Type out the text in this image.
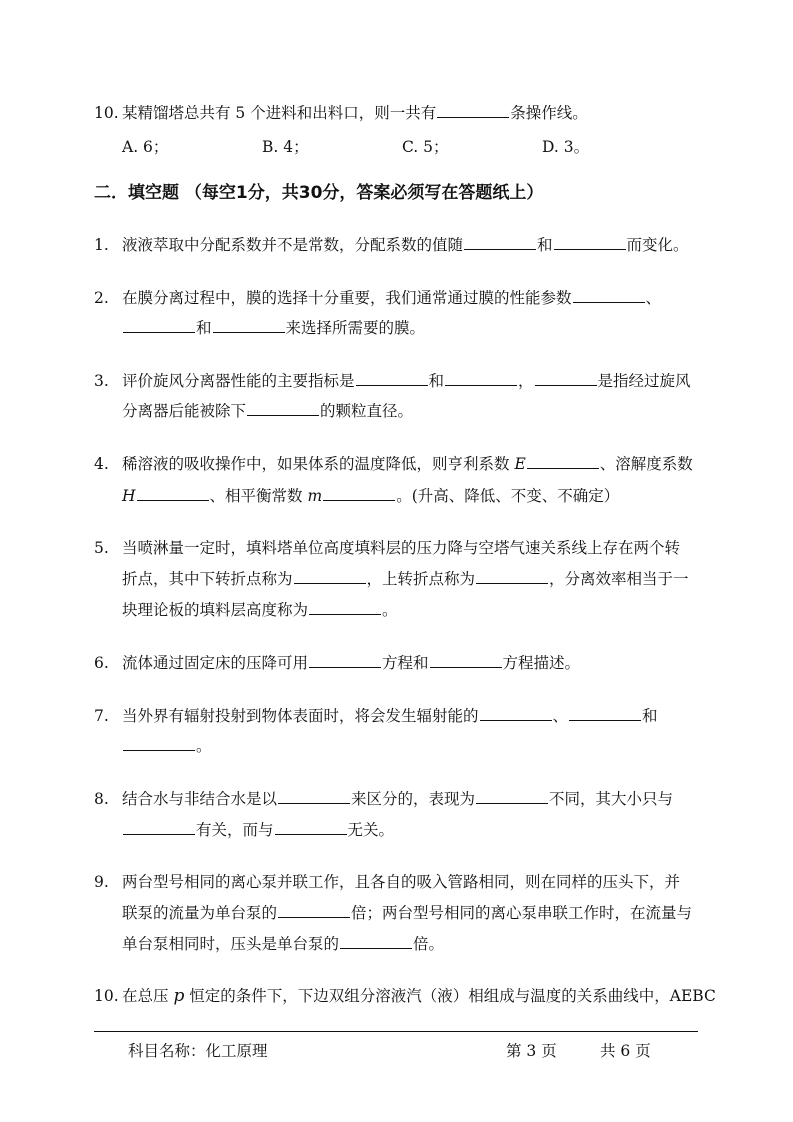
10. 某精馏塔总共有 5 个进料和出料口，则一共有	条操作线。
A. 6；	B. 4；	C. 5；	D. 3。
二．填空题 （每空1分，共30分，答案必须写在答题纸上）
1. 液液萃取中分配系数并不是常数，分配系数的值随	和	而变化。
2. 在膜分离过程中，膜的选择十分重要，我们通常通过膜的性能参数	、
和	来选择所需要的膜。
3. 评价旋风分离器性能的主要指标是	和	，	是指经过旋风
分离器后能被除下	的颗粒直径。
4. 稀溶液的吸收操作中，如果体系的温度降低，则亨利系数 E	、溶解度系数
H	、相平衡常数 m	。(升高、降低、不变、不确定）
5. 当喷淋量一定时，填料塔单位高度填料层的压力降与空塔气速关系线上存在两个转
折点，其中下转折点称为	，上转折点称为	，分离效率相当于一
块理论板的填料层高度称为	。
6. 流体通过固定床的压降可用	方程和	方程描述。
7. 当外界有辐射投射到物体表面时，将会发生辐射能的	、	和
。
8. 结合水与非结合水是以	来区分的，表现为	不同，其大小只与
有关，而与	无关。
9. 两台型号相同的离心泵并联工作，且各自的吸入管路相同，则在同样的压头下，并
联泵的流量为单台泵的	倍；两台型号相同的离心泵串联工作时，在流量与
单台泵相同时，压头是单台泵的	倍。
10. 在总压 p 恒定的条件下，下边双组分溶液汽（液）相组成与温度的关系曲线中，AEBC
科目名称：化工原理	第 3 页	共 6 页
